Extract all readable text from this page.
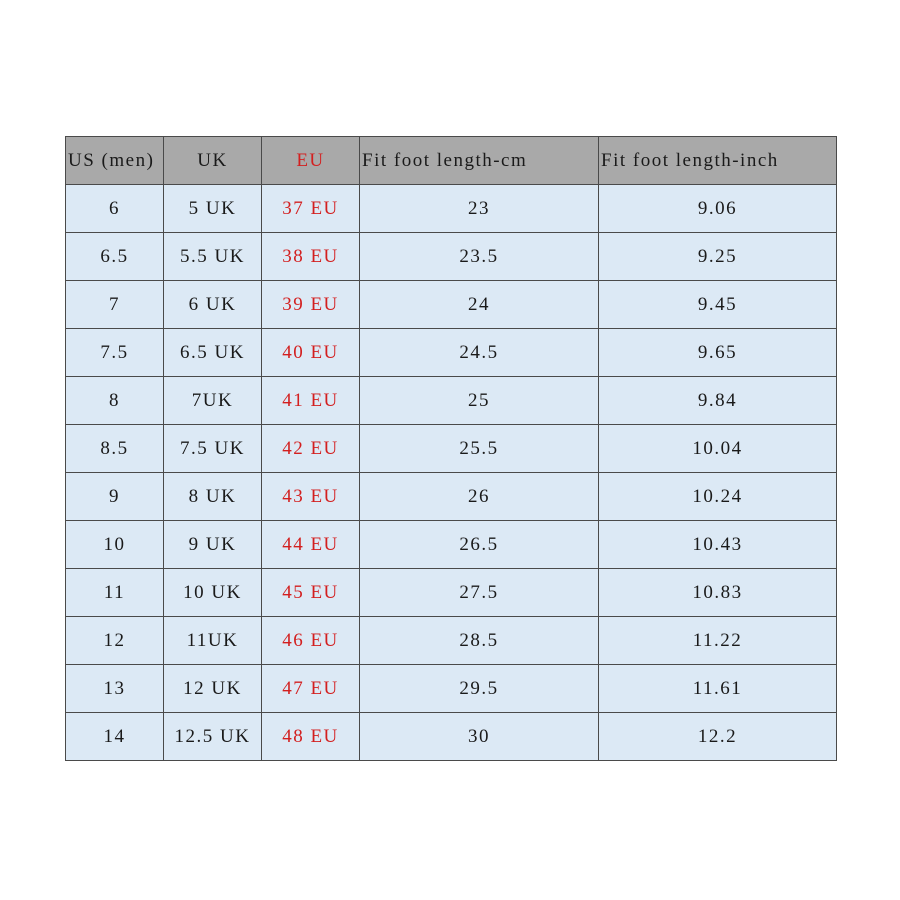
US (men)	UK	EU	Fit foot length-cm	Fit foot length-inch
6	5 UK	37 EU	23	9.06
6.5	5.5 UK	38 EU	23.5	9.25
7	6 UK	39 EU	24	9.45
7.5	6.5 UK	40 EU	24.5	9.65
8	7UK	41 EU	25	9.84
8.5	7.5 UK	42 EU	25.5	10.04
9	8 UK	43 EU	26	10.24
10	9 UK	44 EU	26.5	10.43
11	10 UK	45 EU	27.5	10.83
12	11UK	46 EU	28.5	11.22
13	12 UK	47 EU	29.5	11.61
14	12.5 UK	48 EU	30	12.2
